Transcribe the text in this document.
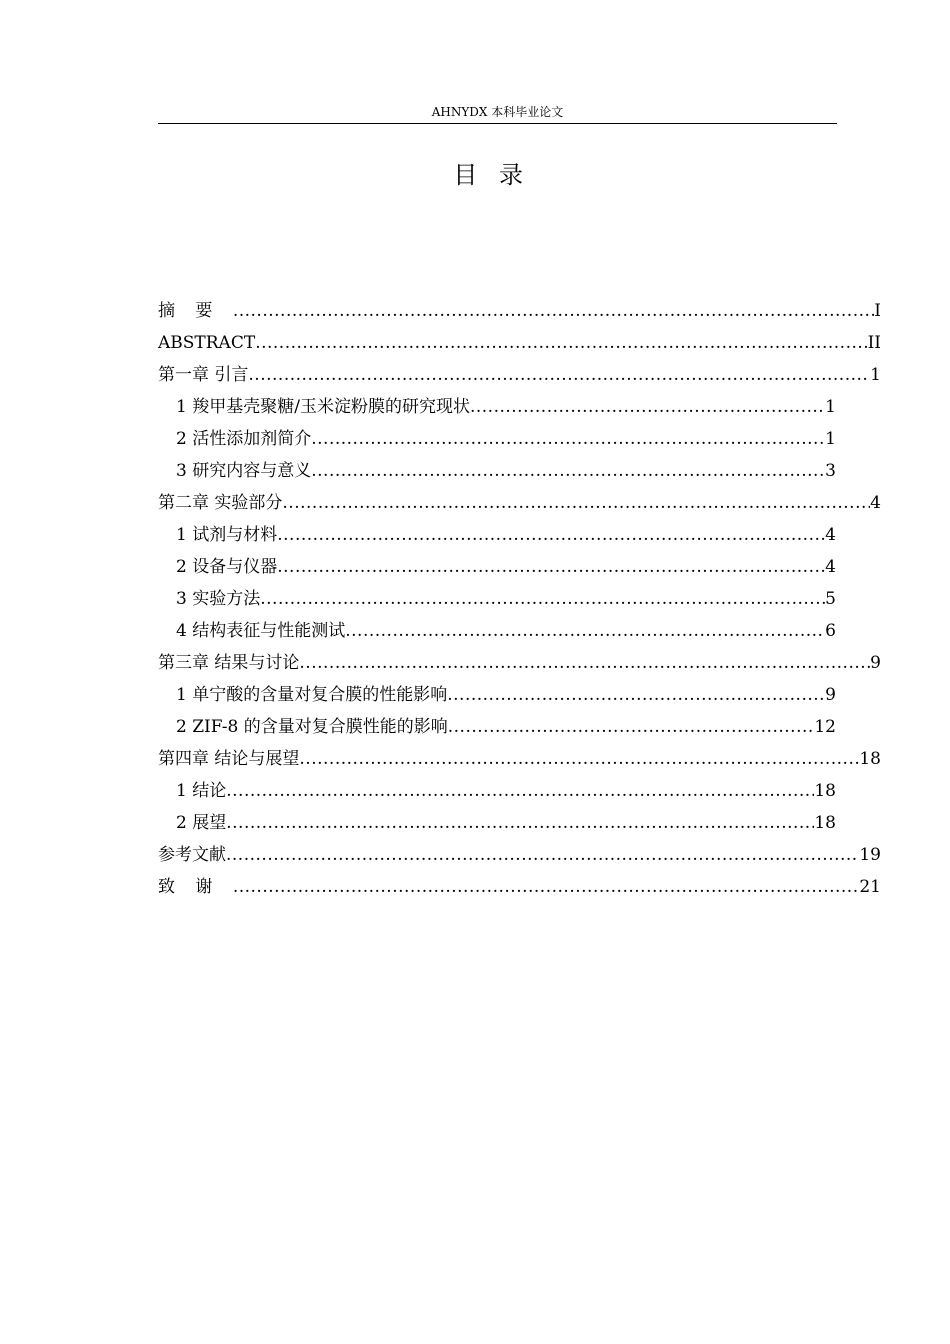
AHNYDX 本科毕业论文
目录
摘要 .....	I
ABSTRACT .....	II
第一章 引言 .....	1
1 羧甲基壳聚糖/玉米淀粉膜的研究现状 .....	1
2 活性添加剂简介 .....	1
3 研究内容与意义 .....	3
第二章 实验部分 .....	4
1 试剂与材料 .....	4
2 设备与仪器 .....	4
3 实验方法 .....	5
4 结构表征与性能测试 .....	6
第三章 结果与讨论 .....	9
1 单宁酸的含量对复合膜的性能影响 .....	9
2 ZIF-8 的含量对复合膜性能的影响 .....	12
第四章 结论与展望 .....	18
1 结论 .....	18
2 展望 .....	18
参考文献 .....	19
致谢 .....	21
